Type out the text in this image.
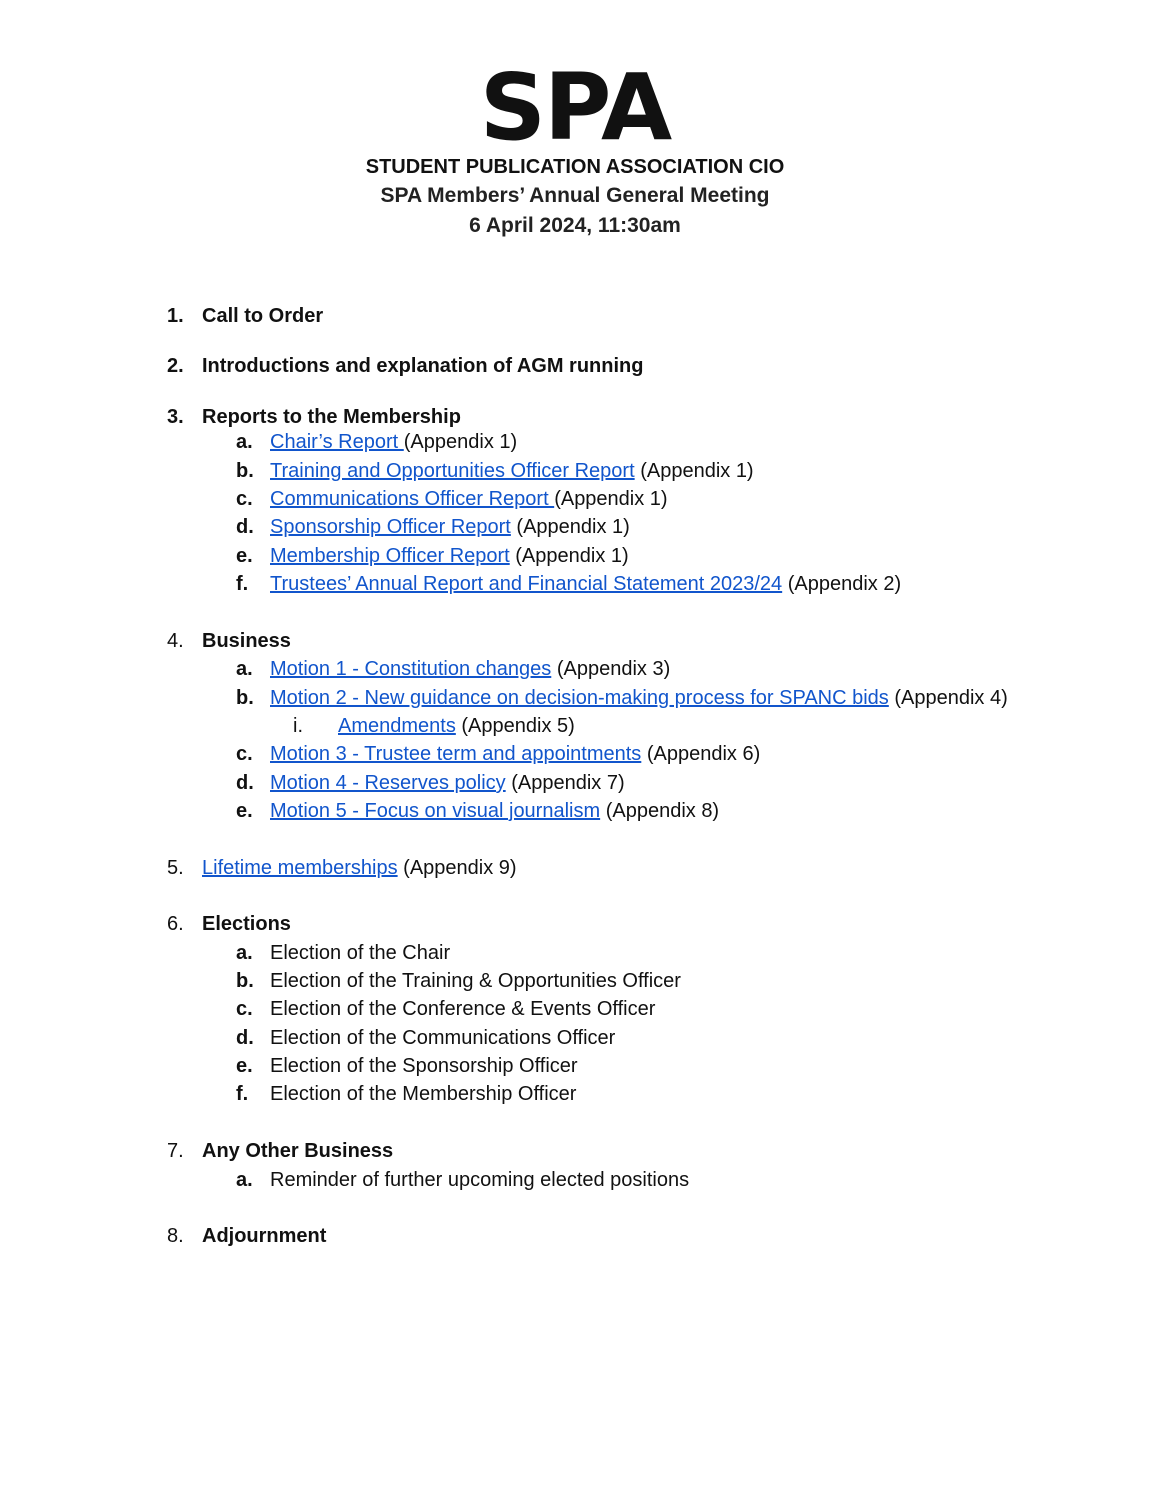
SPA
STUDENT PUBLICATION ASSOCIATION CIO
SPA Members’ Annual General Meeting
6 April 2024, 11:30am
1. Call to Order
2. Introductions and explanation of AGM running
3. Reports to the Membership
a. Chair’s Report (Appendix 1)
b. Training and Opportunities Officer Report (Appendix 1)
c. Communications Officer Report (Appendix 1)
d. Sponsorship Officer Report (Appendix 1)
e. Membership Officer Report (Appendix 1)
f.	Trustees’ Annual Report and Financial Statement 2023/24 (Appendix 2)
4. Business
a. Motion 1 - Constitution changes (Appendix 3)
b. Motion 2 - New guidance on decision-making process for SPANC bids (Appendix 4)
i.	Amendments (Appendix 5)
c. Motion 3 - Trustee term and appointments (Appendix 6)
d. Motion 4 - Reserves policy (Appendix 7)
e. Motion 5 - Focus on visual journalism (Appendix 8)
5. Lifetime memberships (Appendix 9)
6. Elections
a. Election of the Chair
b. Election of the Training & Opportunities Officer
c. Election of the Conference & Events Officer
d. Election of the Communications Officer
e. Election of the Sponsorship Officer
f.	Election of the Membership Officer
7. Any Other Business
a. Reminder of further upcoming elected positions
8. Adjournment
